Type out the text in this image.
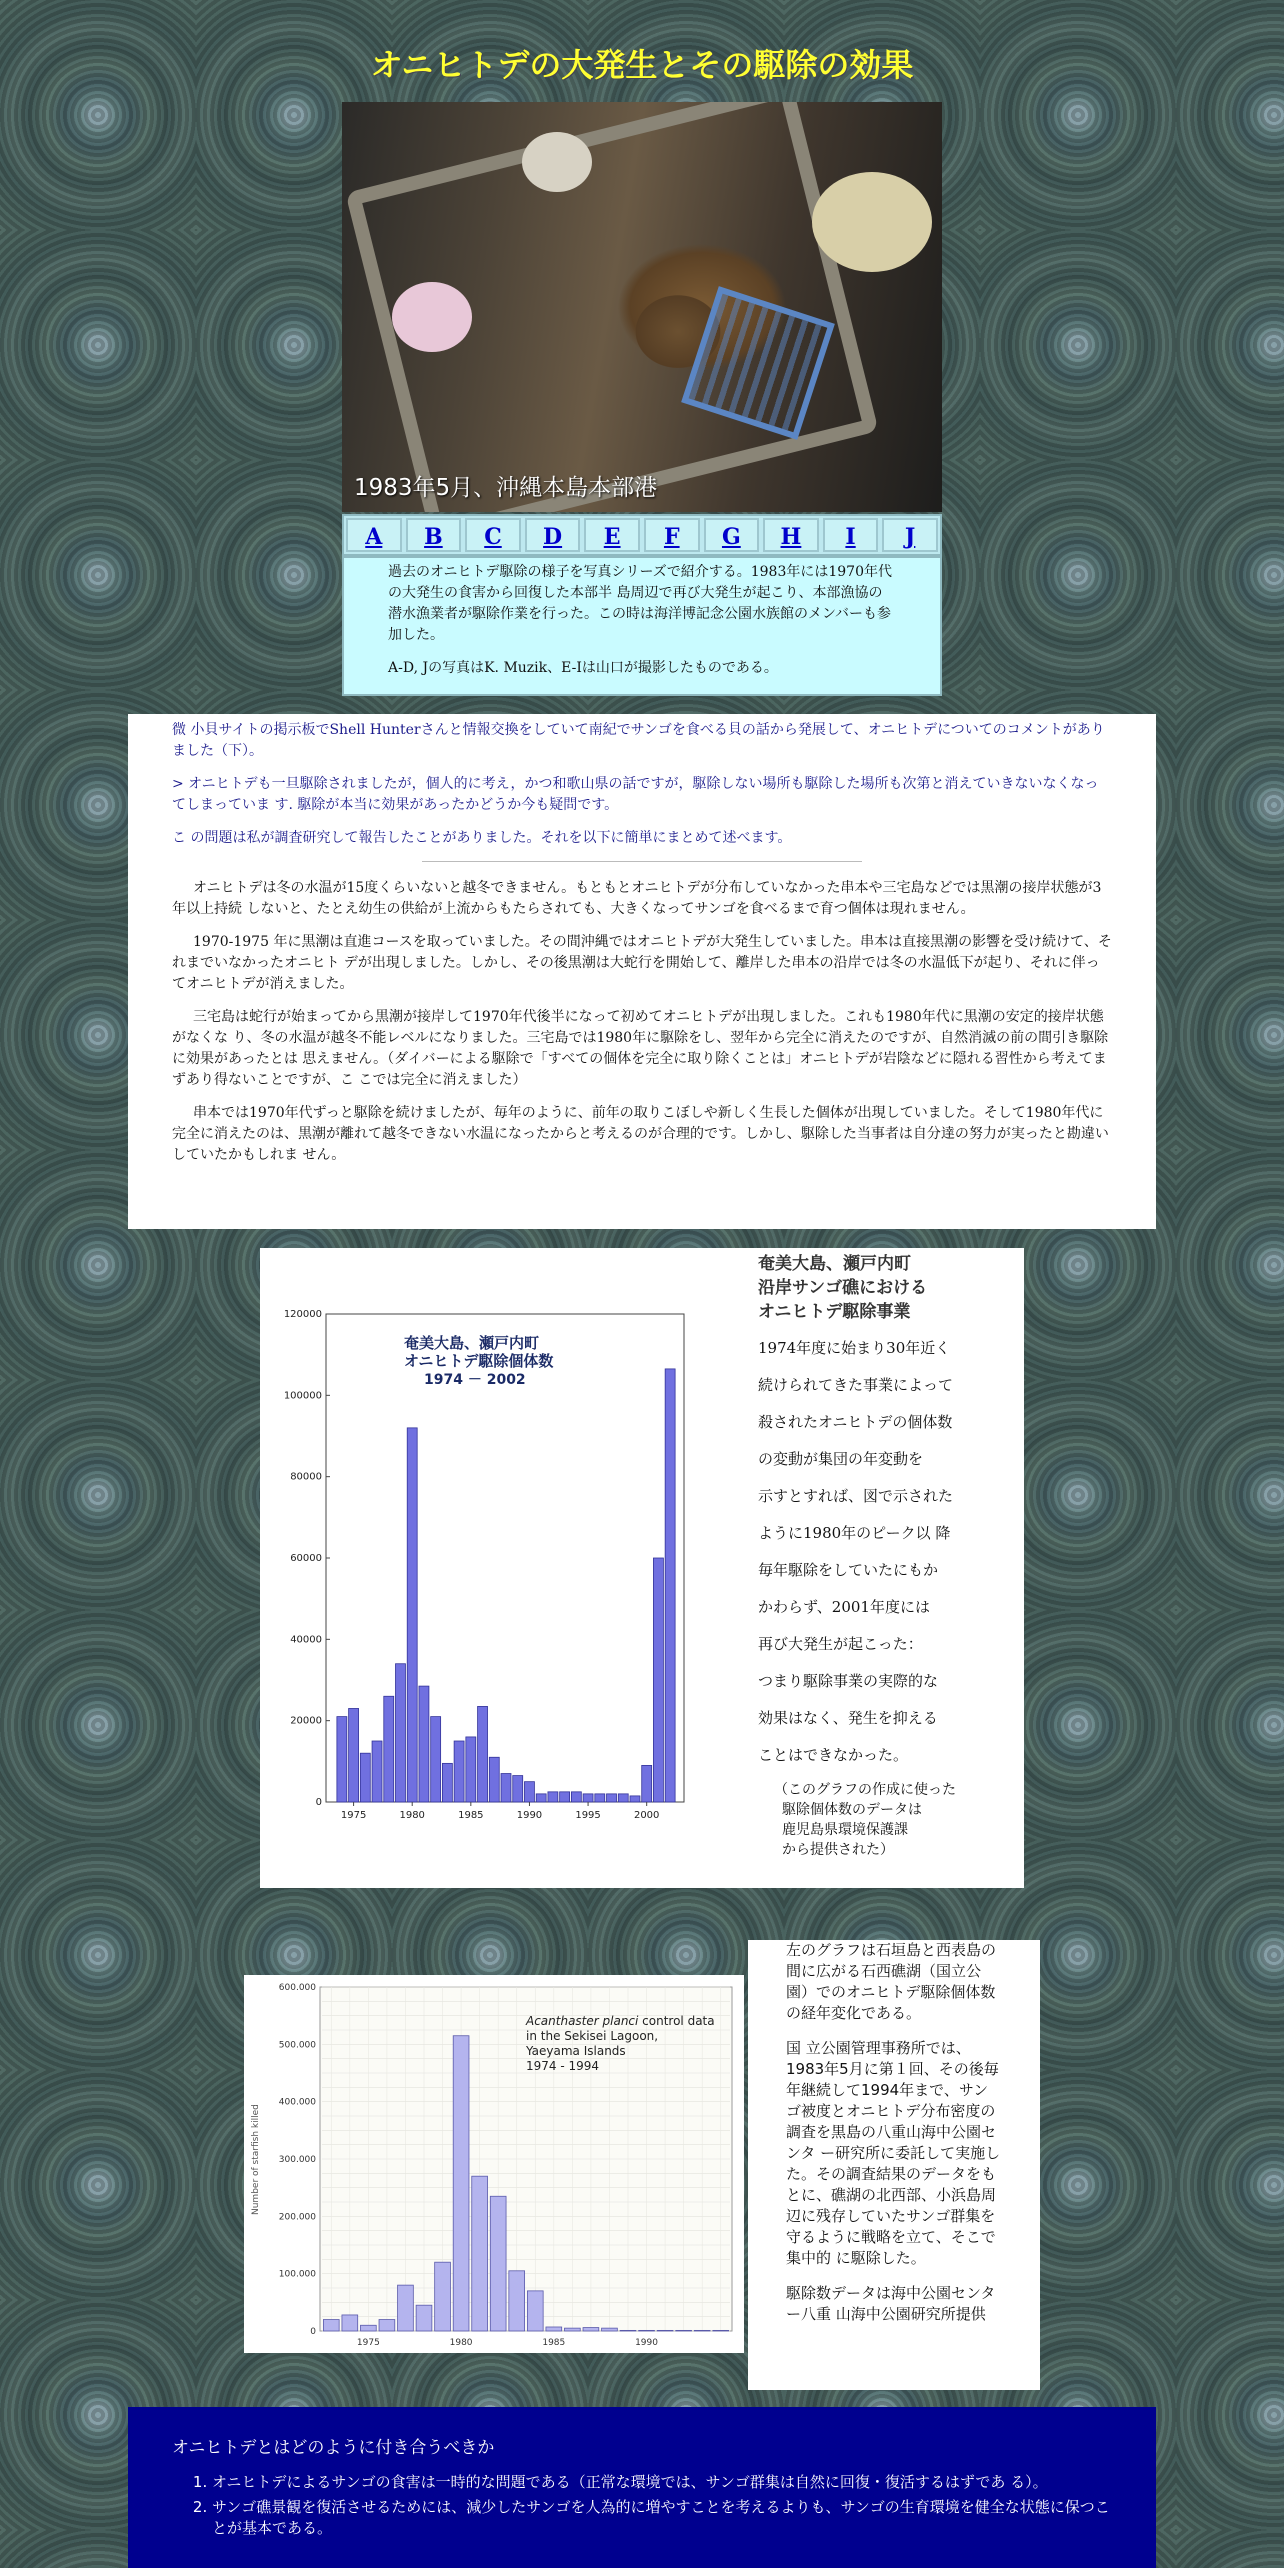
オニヒトデの大発生とその駆除の効果
1983年5月、沖縄本島本部港
A	B	C	D	E	F	G	H	I	J

過去のオニヒトデ駆除の様子を写真シリーズで紹介する。1983年には1970年代の大発生の食害から回復した本部半 島周辺で再び大発生が起こり、本部漁協の潜水漁業者が駆除作業を行った。この時は海洋博記念公園水族館のメンバーも参加した。

A-D, Jの写真はK. Muzik、E-Iは山口が撮影したものである。

微 小貝サイトの掲示板でShell Hunterさんと情報交換をしていて南紀でサンゴを食べる貝の話から発展して、オニヒトデについてのコメントがありました（下）。

> オニヒトデも一旦駆除されましたが，個人的に考え，かつ和歌山県の話ですが，駆除しない場所も駆除した場所も次第と消えていきないなくなってしまっていま す. 駆除が本当に効果があったかどうか今も疑問です。

こ の問題は私が調査研究して報告したことがありました。それを以下に簡単にまとめて述べます。

オニヒトデは冬の水温が15度くらいないと越冬できません。もともとオニヒトデが分布していなかった串本や三宅島などでは黒潮の接岸状態が3年以上持続 しないと、たとえ幼生の供給が上流からもたらされても、大きくなってサンゴを食べるまで育つ個体は現れません。

1970-1975 年に黒潮は直進コースを取っていました。その間沖縄ではオニヒトデが大発生していました。串本は直接黒潮の影響を受け続けて、それまでいなかったオニヒト デが出現しました。しかし、その後黒潮は大蛇行を開始して、離岸した串本の沿岸では冬の水温低下が起り、それに伴ってオニヒトデが消えました。

三宅島は蛇行が始まってから黒潮が接岸して1970年代後半になって初めてオニヒトデが出現しました。これも1980年代に黒潮の安定的接岸状態がなくな り、冬の水温が越冬不能レベルになりました。三宅島では1980年に駆除をし、翌年から完全に消えたのですが、自然消滅の前の間引き駆除に効果があったとは 思えません。（ダイバーによる駆除で「すべての個体を完全に取り除くことは」オニヒトデが岩陰などに隠れる習性から考えてまずあり得ないことですが、こ こでは完全に消えました）

串本では1970年代ずっと駆除を続けましたが、毎年のように、前年の取りこぼしや新しく生長した個体が出現していました。そして1980年代に完全に消えたのは、黒潮が離れて越冬できない水温になったからと考えるのが合理的です。しかし、駆除した当事者は自分達の努力が実ったと勘違いしていたかもしれま せん。

0
20000
40000
60000
80000
100000
120000
1975	1980	1985	1990	1995	2000
奄美大島、瀬戸内町
オニヒトデ駆除個体数
1974 － 2002
奄美大島、瀬戸内町
沿岸サンゴ礁における
オニヒトデ駆除事業
1974年度に始まり30年近く
続けられてきた事業によって
殺されたオニヒトデの個体数
の変動が集団の年変動を
示すとすれば、図で示された
ように1980年のピーク以 降
毎年駆除をしていたにもか
かわらず、2001年度には
再び大発生が起こった：
つまり駆除事業の実際的な
効果はなく、発生を抑える
ことはできなかった。
（このグラフの作成に使った
駆除個体数のデータは
鹿児島県環境保護課
から提供された）
0
100.000
200.000
300.000
400.000
500.000
600.000
1975	1980	1985	1990
Number of starfish killed
Acanthaster planci control data
in the Sekisei Lagoon,
Yaeyama Islands
1974 - 1994

左のグラフは石垣島と西表島の間に広がる石西礁湖（国立公園）でのオニヒトデ駆除個体数の経年変化である。

国 立公園管理事務所では、1983年5月に第１回、その後毎年継続して1994年まで、サンゴ被度とオニヒトデ分布密度の調査を黒島の八重山海中公園センタ ー研究所に委託して実施した。その調査結果のデータをもとに、礁湖の北西部、小浜島周辺に残存していたサンゴ群集を守るように戦略を立て、そこで集中的 に駆除した。

駆除数データは海中公園センター八重 山海中公園研究所提供

オニヒトデとはどのように付き合うべきか
1. オニヒトデによるサンゴの食害は一時的な問題である（正常な環境では、サンゴ群集は自然に回復・復活するはずであ る）。
2. サンゴ礁景観を復活させるためには、減少したサンゴを人為的に増やすことを考えるよりも、サンゴの生育環境を健全な状態に保つことが基本である。
